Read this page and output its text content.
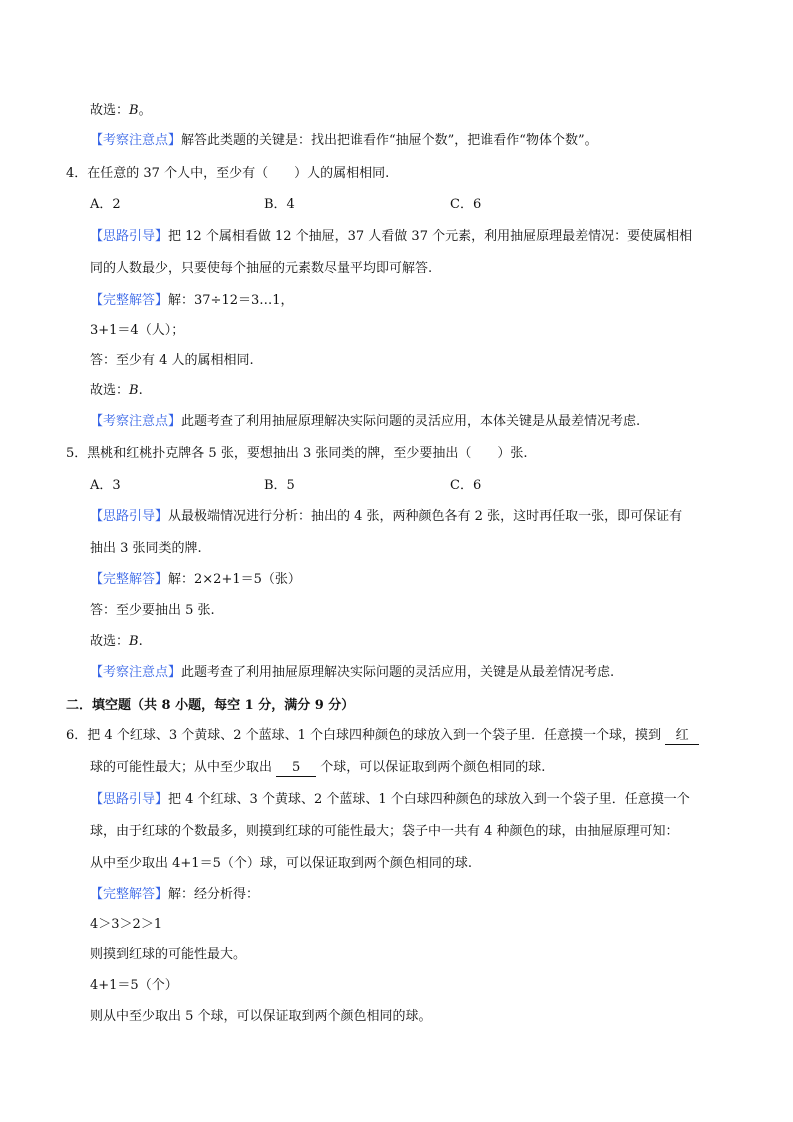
故选：B。
【考察注意点】解答此类题的关键是：找出把谁看作“抽屉个数”，把谁看作“物体个数”。
4．在任意的 37 个人中，至少有（　　）人的属相相同.
A．2	B．4	C．6
【思路引导】把 12 个属相看做 12 个抽屉，37 人看做 37 个元素，利用抽屉原理最差情况：要使属相相
同的人数最少，只要使每个抽屉的元素数尽量平均即可解答.
【完整解答】解：37÷12＝3…1，
3+1＝4（人）；
答：至少有 4 人的属相相同.
故选：B.
【考察注意点】此题考查了利用抽屉原理解决实际问题的灵活应用，本体关键是从最差情况考虑.
5．黑桃和红桃扑克牌各 5 张，要想抽出 3 张同类的牌，至少要抽出（　　）张.
A．3	B．5	C．6
【思路引导】从最极端情况进行分析：抽出的 4 张，两种颜色各有 2 张，这时再任取一张，即可保证有
抽出 3 张同类的牌.
【完整解答】解：2×2+1＝5（张）
答：至少要抽出 5 张.
故选：B.
【考察注意点】此题考查了利用抽屉原理解决实际问题的灵活应用，关键是从最差情况考虑.
二．填空题（共 8 小题，每空 1 分，满分 9 分）
6．把 4 个红球、3 个黄球、2 个蓝球、1 个白球四种颜色的球放入到一个袋子里．任意摸一个球，摸到 红
球的可能性最大；从中至少取出 5 个球，可以保证取到两个颜色相同的球.
【思路引导】把 4 个红球、3 个黄球、2 个蓝球、1 个白球四种颜色的球放入到一个袋子里．任意摸一个
球，由于红球的个数最多，则摸到红球的可能性最大；袋子中一共有 4 种颜色的球，由抽屉原理可知：
从中至少取出 4+1＝5（个）球，可以保证取到两个颜色相同的球.
【完整解答】解：经分析得：
4＞3＞2＞1
则摸到红球的可能性最大。
4+1＝5（个）
则从中至少取出 5 个球，可以保证取到两个颜色相同的球。
